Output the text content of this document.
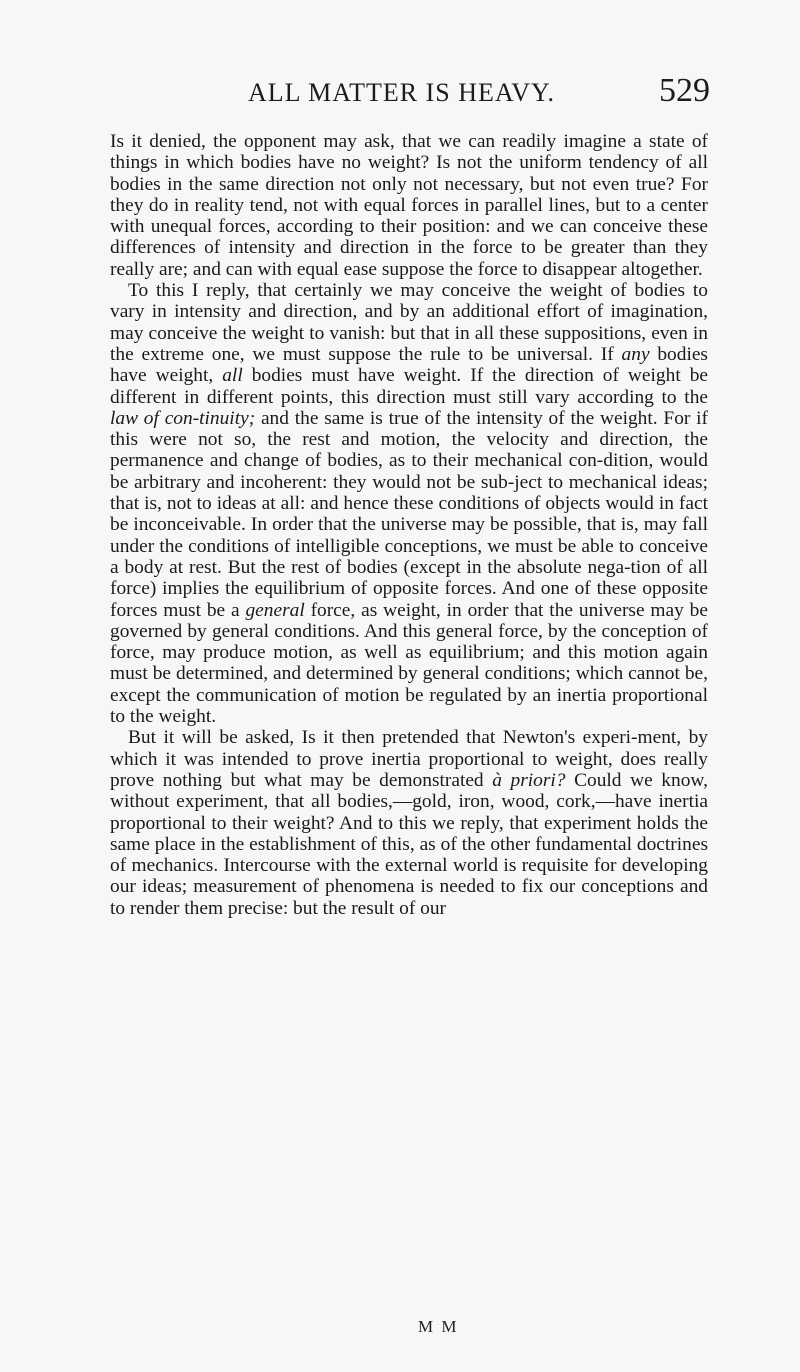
ALL MATTER IS HEAVY.	529

Is it denied, the opponent may ask, that we can readily imagine a state of things in which bodies have no weight? Is not the uniform tendency of all bodies in the same direction not only not necessary, but not even true? For they do in reality tend, not with equal forces in parallel lines, but to a center with unequal forces, according to their position: and we can conceive these differences of intensity and direction in the force to be greater than they really are; and can with equal ease suppose the force to disappear altogether.

To this I reply, that certainly we may conceive the weight of bodies to vary in intensity and direction, and by an additional effort of imagination, may conceive the weight to vanish: but that in all these suppositions, even in the extreme one, we must suppose the rule to be universal. If any bodies have weight, all bodies must have weight. If the direction of weight be different in different points, this direction must still vary according to the law of con-tinuity; and the same is true of the intensity of the weight. For if this were not so, the rest and motion, the velocity and direction, the permanence and change of bodies, as to their mechanical con-dition, would be arbitrary and incoherent: they would not be sub-ject to mechanical ideas; that is, not to ideas at all: and hence these conditions of objects would in fact be inconceivable. In order that the universe may be possible, that is, may fall under the conditions of intelligible conceptions, we must be able to conceive a body at rest. But the rest of bodies (except in the absolute nega-tion of all force) implies the equilibrium of opposite forces. And one of these opposite forces must be a general force, as weight, in order that the universe may be governed by general conditions. And this general force, by the conception of force, may produce motion, as well as equilibrium; and this motion again must be determined, and determined by general conditions; which cannot be, except the communication of motion be regulated by an inertia proportional to the weight.

But it will be asked, Is it then pretended that Newton's experi-ment, by which it was intended to prove inertia proportional to weight, does really prove nothing but what may be demonstrated à priori? Could we know, without experiment, that all bodies,—gold, iron, wood, cork,—have inertia proportional to their weight? And to this we reply, that experiment holds the same place in the establishment of this, as of the other fundamental doctrines of mechanics. Intercourse with the external world is requisite for developing our ideas; measurement of phenomena is needed to fix our conceptions and to render them precise: but the result of our

M M
